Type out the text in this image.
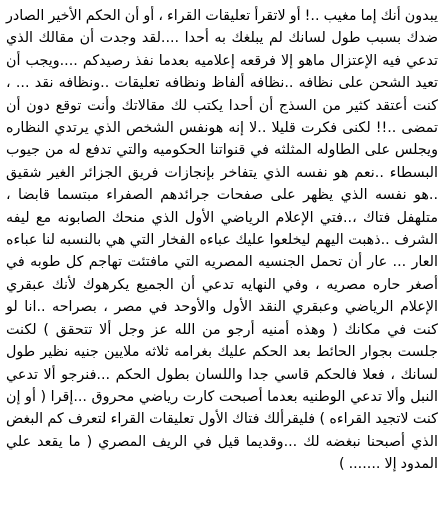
يبدون أنك إما مغيب ..! أو لاتقرأ تعليقات القراء ، أو أن الحكم الأخير الصادر ضدك بسبب طول لسانك لم يبلغك به أحدا ....لقد وجدت أن مقالك الذي تدعي فيه الإعتزال ماهو إلا فرقعه إعلاميه بعدما نفذ رصيدكم ....ويجب أن تعيد الشحن على نظافه ..نظافه ألفاظ ونظافه تعليقات ..ونظافه نقد ... ، كنت أعتقد كثير من السذج أن أحدا يكتب لك مقالاتك وأنت توقع دون أن تمضى ..!! لكنى فكرت قليلا ..لا إنه هونفس الشخص الذي يرتدي النظاره ويجلس على الطاوله المثلثه في قنواتنا الحكوميه والتي تدفع له من جيوب البسطاء ..نعم هو نفسه الذي يتفاخر بإنجازات فريق الجزائر الغير شقيق ..هو نفسه الذي يظهر على صفحات جرائدهم الصفراء مبتسما قابضا ، متلهفل فتاك ،..فتي الإعلام الرياضي الأول الذي منحك الصابونه مع ليفه الشرف ..ذهبت اليهم ليخلعوا عليك عباءه الفخار التي هي بالنسبه لنا عباءه العار ... عار أن تحمل الجنسيه المصريه التي مافتئت تهاجم كل طوبه في أصغر حاره مصريه ، وفي النهايه تدعي أن الجميع يكرهوك لأنك عبقري الإعلام الرياضي وعبقري النقد الأول والأوحد في مصر ، بصراحه ..انا لو كنت في مكانك ( وهذه أمنيه أرجو من الله عز وجل ألا تتحقق ) لكنت جلست بجوار الحائط بعد الحكم عليك بغرامه ثلاثه ملايين جنيه نظير طول لسانك ، فعلا فالحكم قاسي جدا واللسان بطول الحكم ...فنرجو ألا تدعي النبل وألا تدعي الوطنيه بعدما أصبحت كارت رياضي محروق ...إقرا ( أو إن كنت لاتجيد القراءه ) فليقرألك فتاك الأول تعليقات القراء لتعرف كم البغض الذي أصبحنا نبغضه لك ...وقديما قيل في الريف المصري ( ما يقعد علي المدود إلا ....... )
